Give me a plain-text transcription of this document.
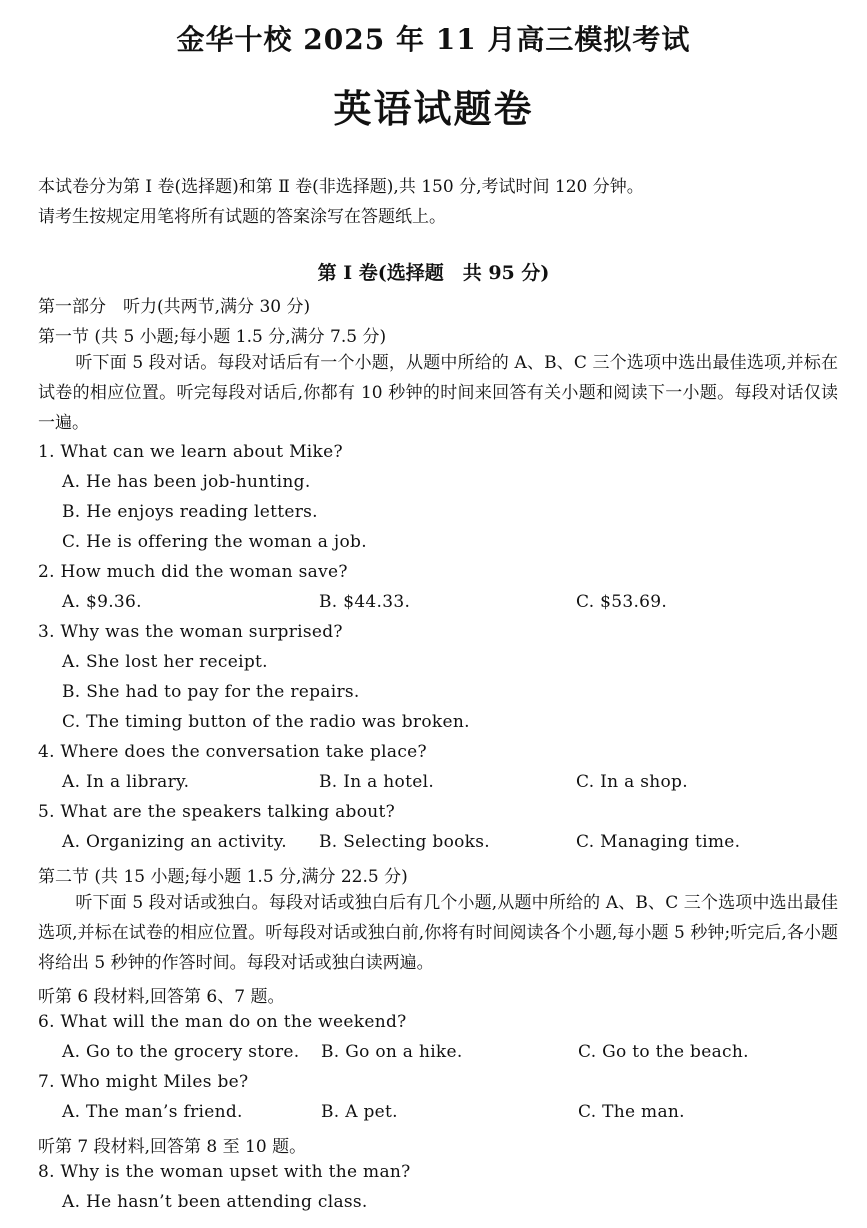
金华十校 2025 年 11 月高三模拟考试
英语试题卷
本试卷分为第 Ⅰ 卷(选择题)和第 Ⅱ 卷(非选择题),共 150 分,考试时间 120 分钟。
请考生按规定用笔将所有试题的答案涂写在答题纸上。
第 Ⅰ 卷(选择题　共 95 分)
第一部分　听力(共两节,满分 30 分)
第一节 (共 5 小题;每小题 1.5 分,满分 7.5 分)
听下面 5 段对话。每段对话后有一个小题，从题中所给的 A、B、C 三个选项中选出最佳选项,并标在试卷的相应位置。听完每段对话后,你都有 10 秒钟的时间来回答有关小题和阅读下一小题。每段对话仅读一遍。
1. What can we learn about Mike?
A. He has been job-hunting.
B. He enjoys reading letters.
C. He is offering the woman a job.
2. How much did the woman save?
A. $9.36.	B. $44.33.	C. $53.69.
3. Why was the woman surprised?
A. She lost her receipt.
B. She had to pay for the repairs.
C. The timing button of the radio was broken.
4. Where does the conversation take place?
A. In a library.	B. In a hotel.	C. In a shop.
5. What are the speakers talking about?
A. Organizing an activity. B. Selecting books.	C. Managing time.
第二节 (共 15 小题;每小题 1.5 分,满分 22.5 分)
听下面 5 段对话或独白。每段对话或独白后有几个小题,从题中所给的 A、B、C 三个选项中选出最佳选项,并标在试卷的相应位置。听每段对话或独白前,你将有时间阅读各个小题,每小题 5 秒钟;听完后,各小题将给出 5 秒钟的作答时间。每段对话或独白读两遍。
听第 6 段材料,回答第 6、7 题。
6. What will the man do on the weekend?
A. Go to the grocery store. B. Go on a hike.	C. Go to the beach.
7. Who might Miles be?
A. The man’s friend.	B. A pet.	C. The man.
听第 7 段材料,回答第 8 至 10 题。
8. Why is the woman upset with the man?
A. He hasn’t been attending class.
